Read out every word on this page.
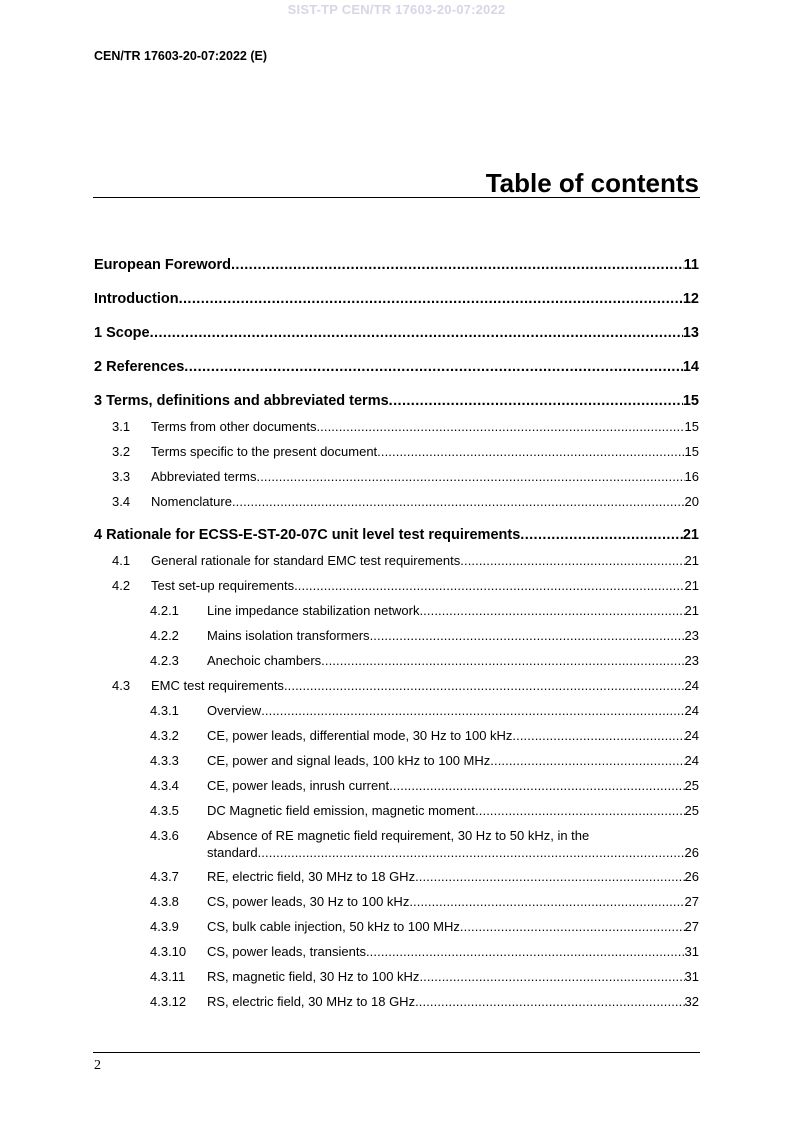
SIST-TP CEN/TR 17603-20-07:2022
CEN/TR 17603-20-07:2022 (E)
Table of contents
European Foreword .....	11
Introduction .....	12
1 Scope .....	13
2 References .....	14
3 Terms, definitions and abbreviated terms .....	15
3.1 Terms from other documents .....	15
3.2 Terms specific to the present document .....	15
3.3 Abbreviated terms .....	16
3.4 Nomenclature .....	20
4 Rationale for ECSS-E-ST-20-07C unit level test requirements .....	21
4.1 General rationale for standard EMC test requirements .....	21
4.2 Test set-up requirements .....	21
4.2.1 Line impedance stabilization network .....	21
4.2.2 Mains isolation transformers .....	23
4.2.3 Anechoic chambers .....	23
4.3 EMC test requirements .....	24
4.3.1 Overview .....	24
4.3.2 CE, power leads, differential mode, 30 Hz to 100 kHz .....	24
4.3.3 CE, power and signal leads, 100 kHz to 100 MHz .....	24
4.3.4 CE, power leads, inrush current .....	25
4.3.5 DC Magnetic field emission, magnetic moment .....	25
4.3.6 Absence of RE magnetic field requirement, 30 Hz to 50 kHz, in the
standard .....	26
4.3.7 RE, electric field, 30 MHz to 18 GHz .....	26
4.3.8 CS, power leads, 30 Hz to 100 kHz .....	27
4.3.9 CS, bulk cable injection, 50 kHz to 100 MHz .....	27
4.3.10 CS, power leads, transients .....	31
4.3.11 RS, magnetic field, 30 Hz to 100 kHz .....	31
4.3.12 RS, electric field, 30 MHz to 18 GHz .....	32
2
